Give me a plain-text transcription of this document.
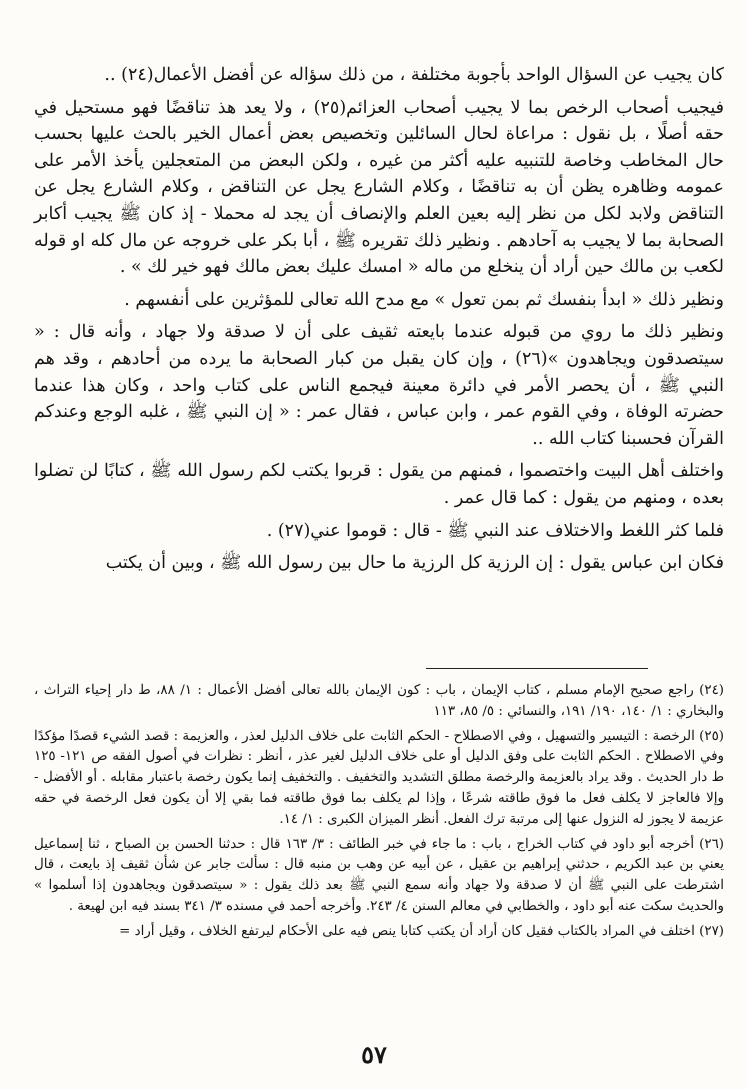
كان يجيب عن السؤال الواحد بأجوبة مختلفة ، من ذلك سؤاله عن أفضل الأعمال(٢٤) ..

فيجيب أصحاب الرخص بما لا يجيب أصحاب العزائم(٢٥) ، ولا يعد هذ تناقضًا فهو مستحيل في حقه أصلًا ، بل نقول : مراعاة لحال السائلين وتخصيص بعض أعمال الخير بالحث عليها بحسب حال المخاطب وخاصة للتنبيه عليه أكثر من غيره ، ولكن البعض من المتعجلين يأخذ الأمر على عمومه وظاهره يظن أن به تناقضًا ، وكلام الشارع يجل عن التناقض ، وكلام الشارع يجل عن التناقض ولابد لكل من نظر إليه بعين العلم والإنصاف أن يجد له محملا - إذ كان ﷺ يجيب أكابر الصحابة بما لا يجيب به آحادهم . ونظير ذلك تقريره ﷺ ، أبا بكر على خروجه عن مال كله او قوله لكعب بن مالك حين أراد أن ينخلع من ماله « امسك عليك بعض مالك فهو خير لك » .

ونظير ذلك « ابدأ بنفسك ثم بمن تعول » مع مدح الله تعالى للمؤثرين على أنفسهم .

ونظير ذلك ما روي من قبوله عندما بايعته ثقيف على أن لا صدقة ولا جهاد ، وأنه قال : « سيتصدقون ويجاهدون »(٢٦) ، وإن كان يقبل من كبار الصحابة ما يرده من أحادهم ، وقد هم النبي ﷺ ، أن يحصر الأمر في دائرة معينة فيجمع الناس على كتاب واحد ، وكان هذا عندما حضرته الوفاة ، وفي القوم عمر ، وابن عباس ، فقال عمر : « إن النبي ﷺ ، غلبه الوجع وعندكم القرآن فحسبنا كتاب الله ..

واختلف أهل البيت واختصموا ، فمنهم من يقول : قربوا يكتب لكم رسول الله ﷺ ، كتابًا لن تضلوا بعده ، ومنهم من يقول : كما قال عمر .

فلما كثر اللغط والاختلاف عند النبي ﷺ - قال : قوموا عني(٢٧) .

فكان ابن عباس يقول : إن الرزية كل الرزية ما حال بين رسول الله ﷺ ، وبين أن يكتب

(٢٤) راجع صحيح الإمام مسلم ، كتاب الإيمان ، باب : كون الإيمان بالله تعالى أفضل الأعمال : ١/ ٨٨، ط دار إحياء التراث ، والبخاري : ١/ ١٤٠، ١٩٠/ ١٩١، والنسائي : ٥/ ٨٥، ١١٣

(٢٥) الرخصة : التيسير والتسهيل ، وفي الاصطلاح - الحكم الثابت على خلاف الدليل لعذر ، والعزيمة : قصد الشيء قصدًا مؤكدًا وفي الاصطلاح . الحكم الثابت على وفق الدليل أو على خلاف الدليل لغير عذر ، أنظر : نظرات في أصول الفقه ص ١٢١- ١٢٥ ط دار الحديث . وقد يراد بالعزيمة والرخصة مطلق التشديد والتخفيف . والتخفيف إنما يكون رخصة باعتبار مقابله . أو الأفضل - وإلا فالعاجز لا يكلف فعل ما فوق طاقته شرعًا ، وإذا لم يكلف بما فوق طاقته فما بقي إلا أن يكون فعل الرخصة في حقه عزيمة لا يجوز له النزول عنها إلى مرتبة ترك الفعل. أنظر الميزان الكبرى : ١/ ١٤.

(٢٦) أخرجه أبو داود في كتاب الخراج ، باب : ما جاء في خبر الطائف : ٣/ ١٦٣ قال : حدثنا الحسن بن الصباح ، ثنا إسماعيل يعني بن عبد الكريم ، حدثني إبراهيم بن عقيل ، عن أبيه عن وهب بن منبه قال : سألت جابر عن شأن ثقيف إذ بايعت ، قال اشترطت على النبي ﷺ أن لا صدقة ولا جهاد وأنه سمع النبي ﷺ بعد ذلك يقول : « سيتصدقون ويجاهدون إذا أسلموا » والحديث سكت عنه أبو داود ، والخطابي في معالم السنن ٤/ ٢٤٣. وأخرجه أحمد في مسنده ٣/ ٣٤١ بسند فيه ابن لهيعة .

(٢٧) اختلف في المراد بالكتاب فقيل كان أراد أن يكتب كتابا ينص فيه على الأحكام ليرتفع الخلاف ، وقيل أراد =

٥٧
